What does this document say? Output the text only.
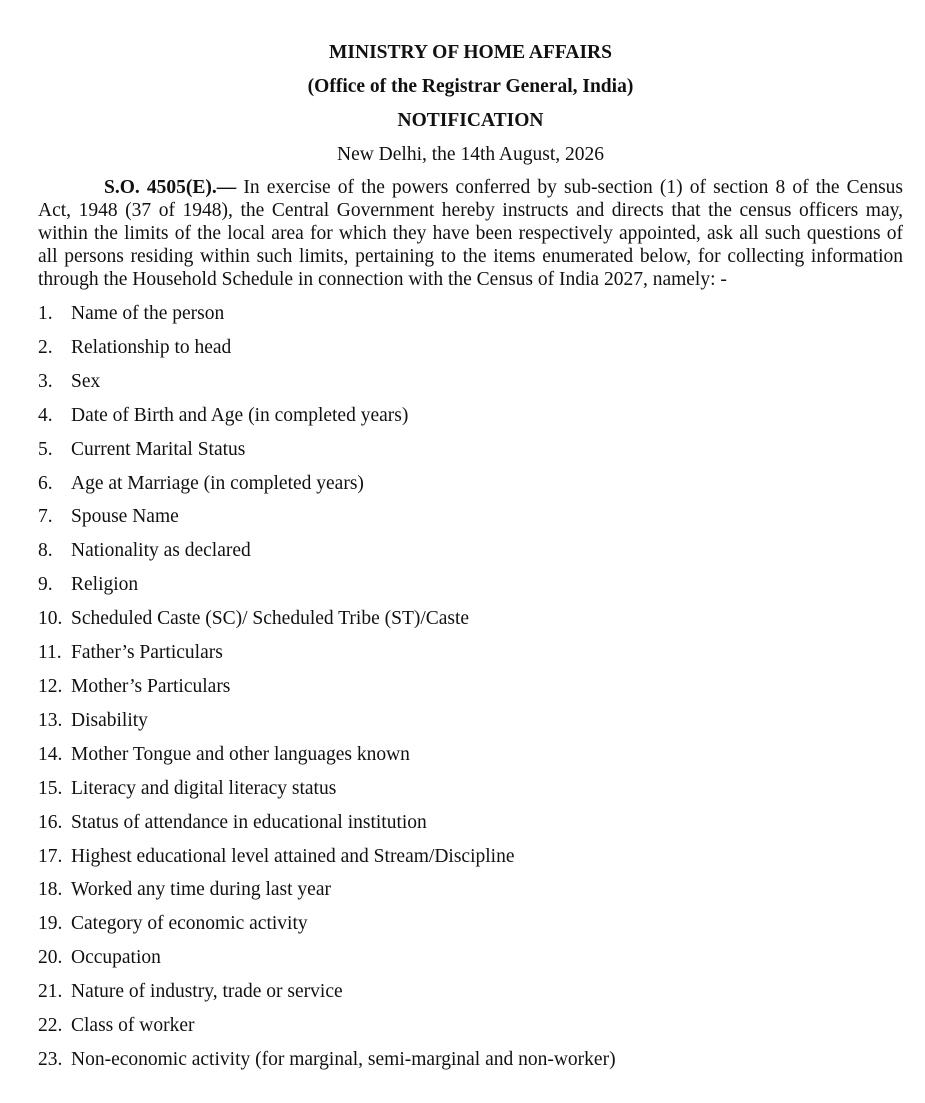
MINISTRY OF HOME AFFAIRS

(Office of the Registrar General, India)

NOTIFICATION

New Delhi, the 14th August, 2026

S.O. 4505(E).— In exercise of the powers conferred by sub-section (1) of section 8 of the Census Act, 1948 (37 of 1948), the Central Government hereby instructs and directs that the census officers may, within the limits of the local area for which they have been respectively appointed, ask all such questions of all persons residing within such limits, pertaining to the items enumerated below, for collecting information through the Household Schedule in connection with the Census of India 2027, namely: -

1. Name of the person
2. Relationship to head
3. Sex
4. Date of Birth and Age (in completed years)
5. Current Marital Status
6. Age at Marriage (in completed years)
7. Spouse Name
8. Nationality as declared
9. Religion
10. Scheduled Caste (SC)/ Scheduled Tribe (ST)/Caste
11. Father’s Particulars
12. Mother’s Particulars
13. Disability
14. Mother Tongue and other languages known
15. Literacy and digital literacy status
16. Status of attendance in educational institution
17. Highest educational level attained and Stream/Discipline
18. Worked any time during last year
19. Category of economic activity
20. Occupation
21. Nature of industry, trade or service
22. Class of worker
23. Non-economic activity (for marginal, semi-marginal and non-worker)
